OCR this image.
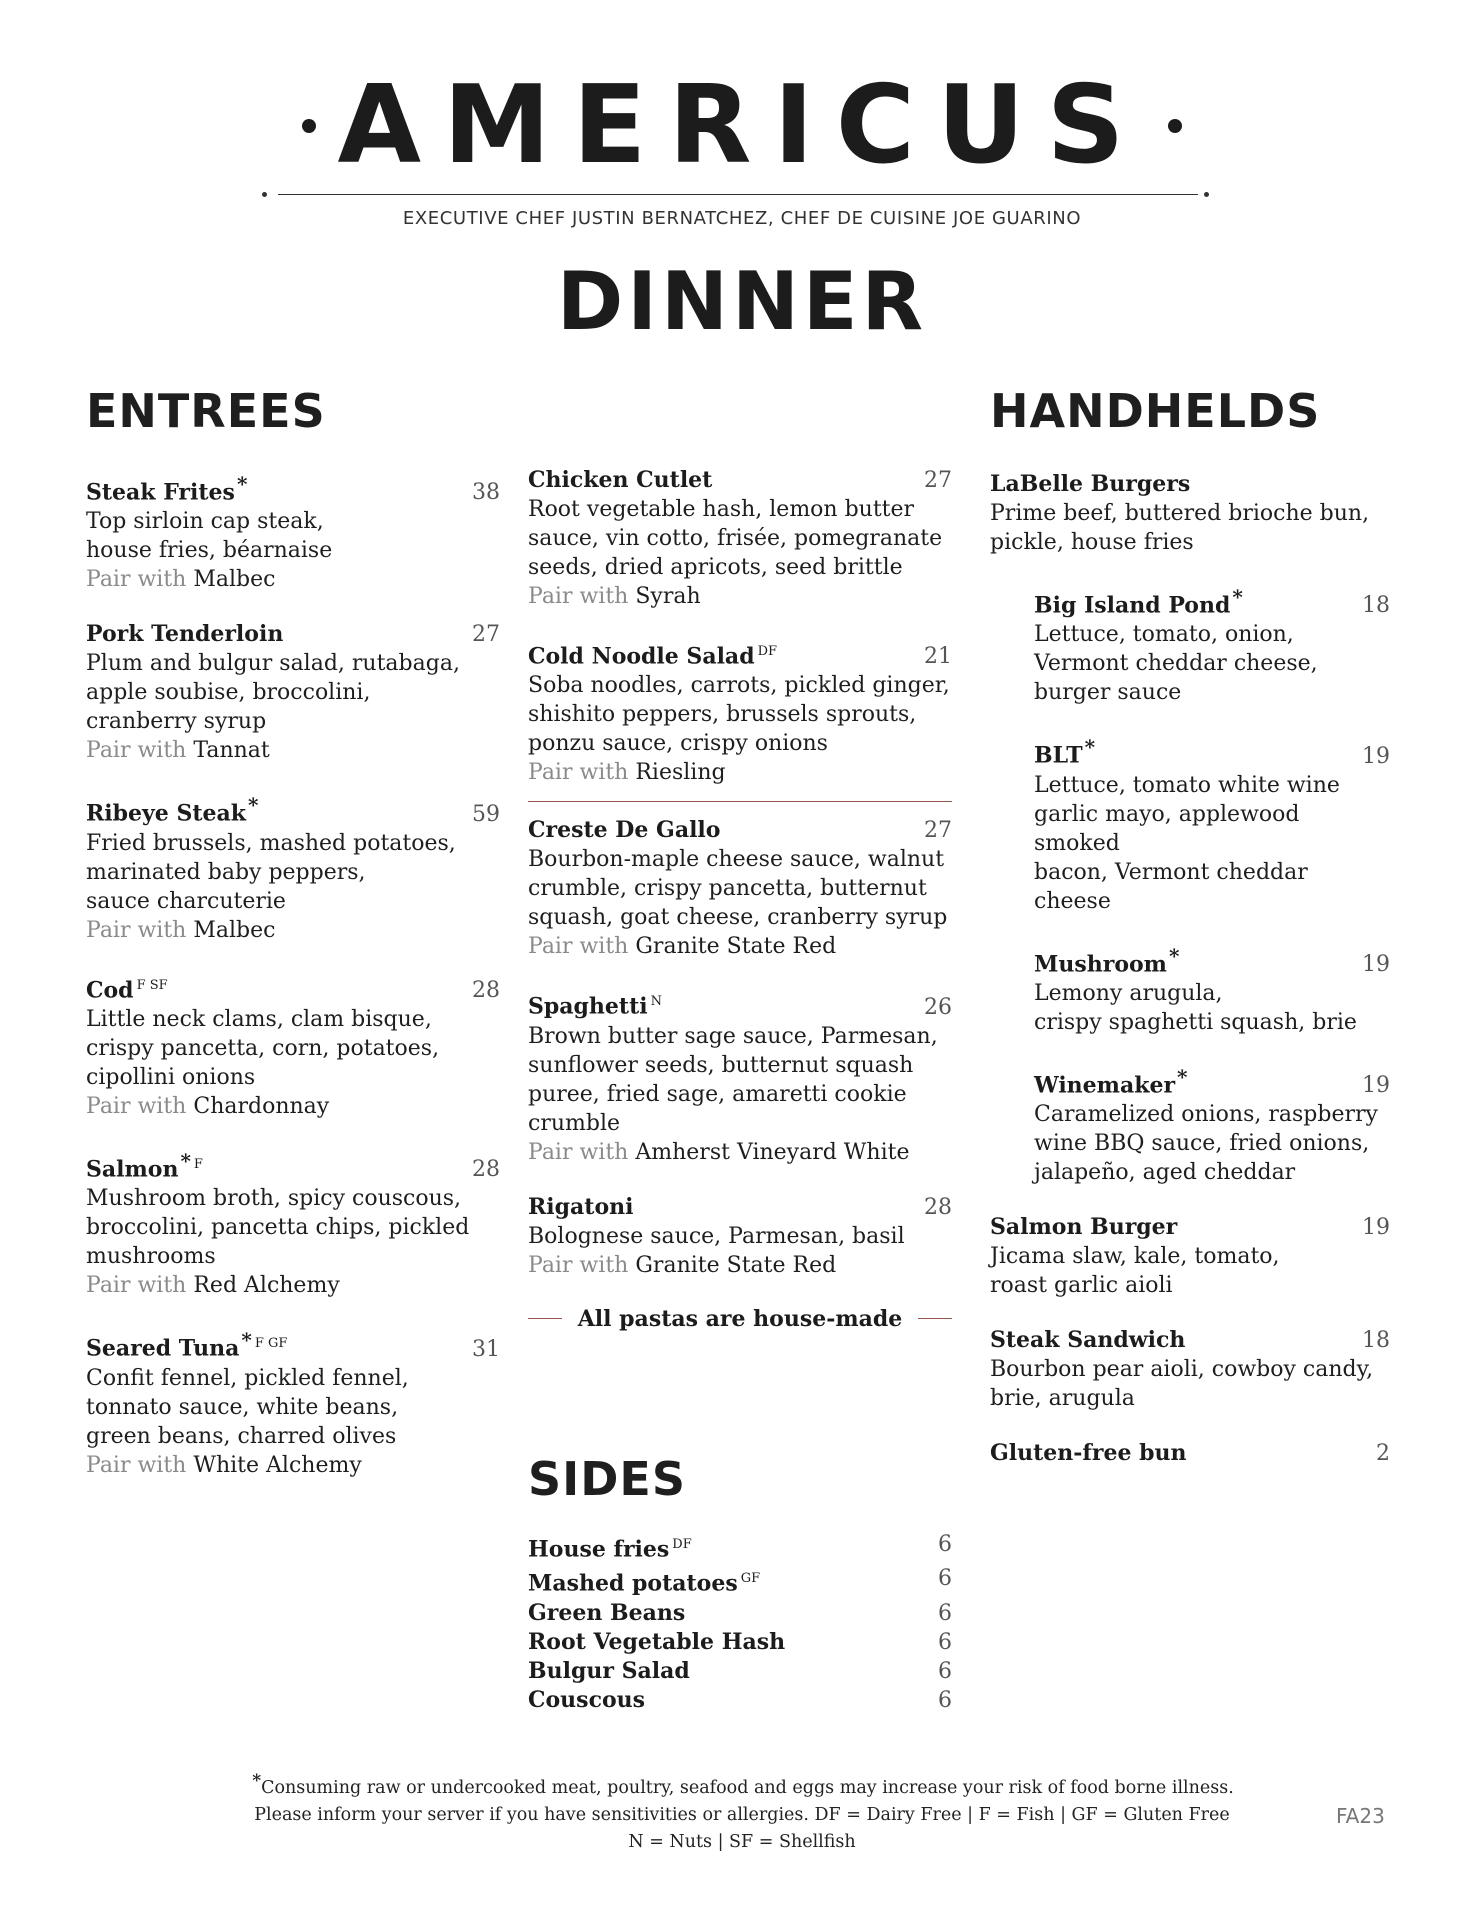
AMERICUS
EXECUTIVE CHEF JUSTIN BERNATCHEZ, CHEF DE CUISINE JOE GUARINO
DINNER
ENTREES	HANDHELDS
SIDES
Steak Frites *	38
Top sirloin cap steak,
house fries, béarnaise
Pair with Malbec
Pork Tenderloin	27
Plum and bulgur salad, rutabaga,
apple soubise, broccolini,
cranberry syrup
Pair with Tannat
Ribeye Steak *	59
Fried brussels, mashed potatoes,
marinated baby peppers,
sauce charcuterie
Pair with Malbec
Cod $^{F SF}$	28
Little neck clams, clam bisque,
crispy pancetta, corn, potatoes,
cipollini onions
Pair with Chardonnay
Salmon * $^F$	28
Mushroom broth, spicy couscous,
broccolini, pancetta chips, pickled
mushrooms
Pair with Red Alchemy
Seared Tuna * $^{F GF}$	31
Confit fennel, pickled fennel,
tonnato sauce, white beans,
green beans, charred olives
Pair with White Alchemy
Chicken Cutlet	27
Root vegetable hash, lemon butter
sauce, vin cotto, frisée, pomegranate
seeds, dried apricots, seed brittle
Pair with Syrah
Cold Noodle Salad $^{DF}$	21
Soba noodles, carrots, pickled ginger,
shishito peppers, brussels sprouts,
ponzu sauce, crispy onions
Pair with Riesling
Creste De Gallo	27
Bourbon-maple cheese sauce, walnut
crumble, crispy pancetta, butternut
squash, goat cheese, cranberry syrup
Pair with Granite State Red
Spaghetti $^N$	26
Brown butter sage sauce, Parmesan,
sunflower seeds, butternut squash
puree, fried sage, amaretti cookie
crumble
Pair with Amherst Vineyard White
Rigatoni	28
Bolognese sauce, Parmesan, basil
Pair with Granite State Red
All pastas are house-made
LaBelle Burgers
Prime beef, buttered brioche bun,
pickle, house fries
Big Island Pond *	18
Lettuce, tomato, onion,
Vermont cheddar cheese,
burger sauce
BLT *	19
Lettuce, tomato white wine
garlic mayo, applewood smoked
bacon, Vermont cheddar cheese
Mushroom *	19
Lemony arugula,
crispy spaghetti squash, brie
Winemaker *	19
Caramelized onions, raspberry
wine BBQ sauce, fried onions,
jalapeño, aged cheddar
Salmon Burger	19
Jicama slaw, kale, tomato,
roast garlic aioli
Steak Sandwich	18
Bourbon pear aioli, cowboy candy,
brie, arugula
Gluten-free bun	2
House fries $^{DF}$	6
Mashed potatoes $^{GF}$	6
Green Beans	6
Root Vegetable Hash	6
Bulgur Salad	6
Couscous	6
*Consuming raw or undercooked meat, poultry, seafood and eggs may increase your risk of food borne illness.
Please inform your server if you have sensitivities or allergies. DF = Dairy Free | F = Fish | GF = Gluten Free
N = Nuts | SF = Shellfish
FA23
